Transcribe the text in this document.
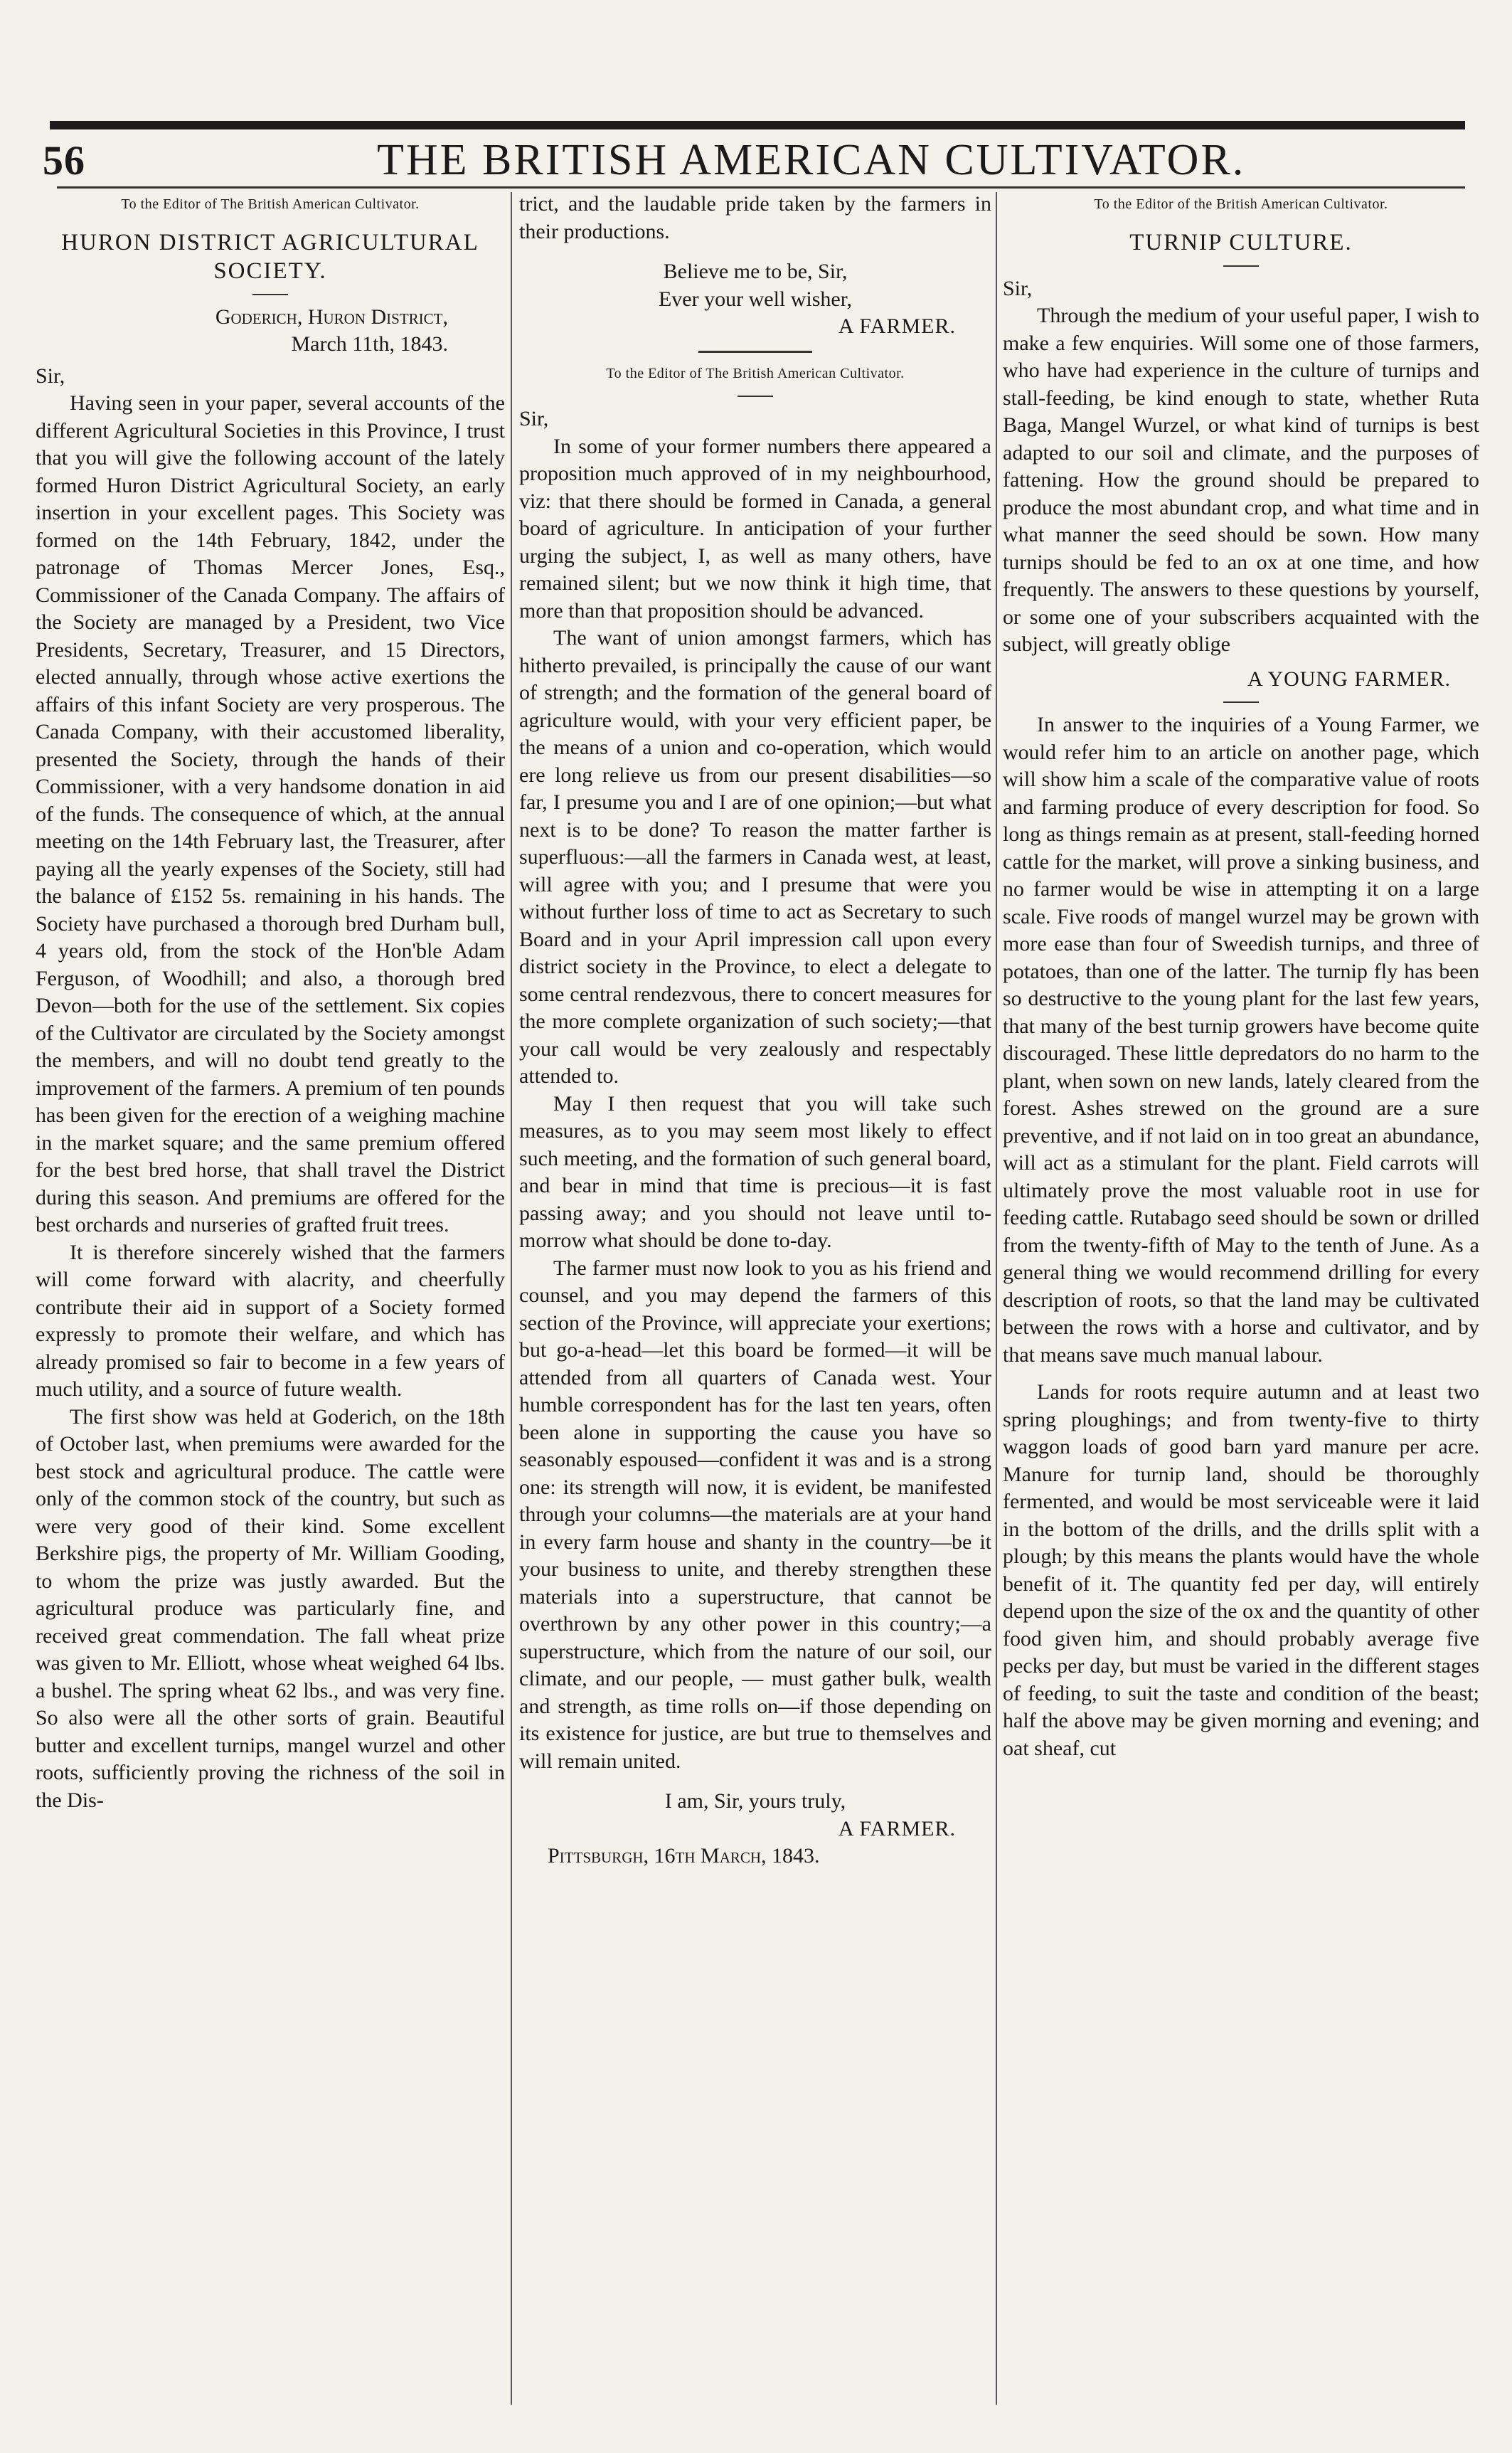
56	THE BRITISH AMERICAN CULTIVATOR.
To the Editor of The British American Cultivator.
HURON DISTRICT AGRICULTURAL SOCIETY.
Goderich, Huron District,
March 11th, 1843.
Sir,

Having seen in your paper, several accounts of the different Agricultural Societies in this Province, I trust that you will give the following account of the lately formed Huron District Agricultural Society, an early insertion in your excellent pages. This Society was formed on the 14th February, 1842, under the patronage of Thomas Mercer Jones, Esq., Commissioner of the Canada Company. The affairs of the Society are managed by a President, two Vice Presidents, Secretary, Treasurer, and 15 Directors, elected annually, through whose active exertions the affairs of this infant Society are very prosperous. The Canada Company, with their accustomed liberality, presented the Society, through the hands of their Commissioner, with a very handsome donation in aid of the funds. The consequence of which, at the annual meeting on the 14th February last, the Treasurer, after paying all the yearly expenses of the Society, still had the balance of £152 5s. remaining in his hands. The Society have purchased a thorough bred Durham bull, 4 years old, from the stock of the Hon'ble Adam Ferguson, of Woodhill; and also, a thorough bred Devon—both for the use of the settlement. Six copies of the Cultivator are circulated by the Society amongst the members, and will no doubt tend greatly to the improvement of the farmers. A premium of ten pounds has been given for the erection of a weighing machine in the market square; and the same premium offered for the best bred horse, that shall travel the District during this season. And premiums are offered for the best orchards and nurseries of grafted fruit trees.

It is therefore sincerely wished that the farmers will come forward with alacrity, and cheerfully contribute their aid in support of a Society formed expressly to promote their welfare, and which has already promised so fair to become in a few years of much utility, and a source of future wealth.

The first show was held at Goderich, on the 18th of October last, when premiums were awarded for the best stock and agricultural produce. The cattle were only of the common stock of the country, but such as were very good of their kind. Some excellent Berkshire pigs, the property of Mr. William Gooding, to whom the prize was justly awarded. But the agricultural produce was particularly fine, and received great commendation. The fall wheat prize was given to Mr. Elliott, whose wheat weighed 64 lbs. a bushel. The spring wheat 62 lbs., and was very fine. So also were all the other sorts of grain. Beautiful butter and excellent turnips, mangel wurzel and other roots, sufficiently proving the richness of the soil in the Dis-

trict, and the laudable pride taken by the farmers in their productions.

Believe me to be, Sir,
Ever your well wisher,
A FARMER.
To the Editor of The British American Cultivator.
Sir,

In some of your former numbers there appeared a proposition much approved of in my neighbourhood, viz: that there should be formed in Canada, a general board of agriculture. In anticipation of your further urging the subject, I, as well as many others, have remained silent; but we now think it high time, that more than that proposition should be advanced.

The want of union amongst farmers, which has hitherto prevailed, is principally the cause of our want of strength; and the formation of the general board of agriculture would, with your very efficient paper, be the means of a union and co-operation, which would ere long relieve us from our present disabilities—so far, I presume you and I are of one opinion;—but what next is to be done? To reason the matter farther is superfluous:—all the farmers in Canada west, at least, will agree with you; and I presume that were you without further loss of time to act as Secretary to such Board and in your April impression call upon every district society in the Province, to elect a delegate to some central rendezvous, there to concert measures for the more complete organization of such society;—that your call would be very zealously and respectably attended to.

May I then request that you will take such measures, as to you may seem most likely to effect such meeting, and the formation of such general board, and bear in mind that time is precious—it is fast passing away; and you should not leave until to-morrow what should be done to-day.

The farmer must now look to you as his friend and counsel, and you may depend the farmers of this section of the Province, will appreciate your exertions; but go-a-head—let this board be formed—it will be attended from all quarters of Canada west. Your humble correspondent has for the last ten years, often been alone in supporting the cause you have so seasonably espoused—confident it was and is a strong one: its strength will now, it is evident, be manifested through your columns—the materials are at your hand in every farm house and shanty in the country—be it your business to unite, and thereby strengthen these materials into a superstructure, that cannot be overthrown by any other power in this country;—a superstructure, which from the nature of our soil, our climate, and our people, — must gather bulk, wealth and strength, as time rolls on—if those depending on its existence for justice, are but true to themselves and will remain united.

I am, Sir, yours truly,
A FARMER.
Pittsburgh, 16th March, 1843.
To the Editor of the British American Cultivator.
TURNIP CULTURE.
Sir,

Through the medium of your useful paper, I wish to make a few enquiries. Will some one of those farmers, who have had experience in the culture of turnips and stall-feeding, be kind enough to state, whether Ruta Baga, Mangel Wurzel, or what kind of turnips is best adapted to our soil and climate, and the purposes of fattening. How the ground should be prepared to produce the most abundant crop, and what time and in what manner the seed should be sown. How many turnips should be fed to an ox at one time, and how frequently. The answers to these questions by yourself, or some one of your subscribers acquainted with the subject, will greatly oblige

A YOUNG FARMER.

In answer to the inquiries of a Young Farmer, we would refer him to an article on another page, which will show him a scale of the comparative value of roots and farming produce of every description for food. So long as things remain as at present, stall-feeding horned cattle for the market, will prove a sinking business, and no farmer would be wise in attempting it on a large scale. Five roods of mangel wurzel may be grown with more ease than four of Sweedish turnips, and three of potatoes, than one of the latter. The turnip fly has been so destructive to the young plant for the last few years, that many of the best turnip growers have become quite discouraged. These little depredators do no harm to the plant, when sown on new lands, lately cleared from the forest. Ashes strewed on the ground are a sure preventive, and if not laid on in too great an abundance, will act as a stimulant for the plant. Field carrots will ultimately prove the most valuable root in use for feeding cattle. Rutabago seed should be sown or drilled from the twenty-fifth of May to the tenth of June. As a general thing we would recommend drilling for every description of roots, so that the land may be cultivated between the rows with a horse and cultivator, and by that means save much manual labour.

Lands for roots require autumn and at least two spring ploughings; and from twenty-five to thirty waggon loads of good barn yard manure per acre. Manure for turnip land, should be thoroughly fermented, and would be most serviceable were it laid in the bottom of the drills, and the drills split with a plough; by this means the plants would have the whole benefit of it. The quantity fed per day, will entirely depend upon the size of the ox and the quantity of other food given him, and should probably average five pecks per day, but must be varied in the different stages of feeding, to suit the taste and condition of the beast; half the above may be given morning and evening; and oat sheaf, cut
